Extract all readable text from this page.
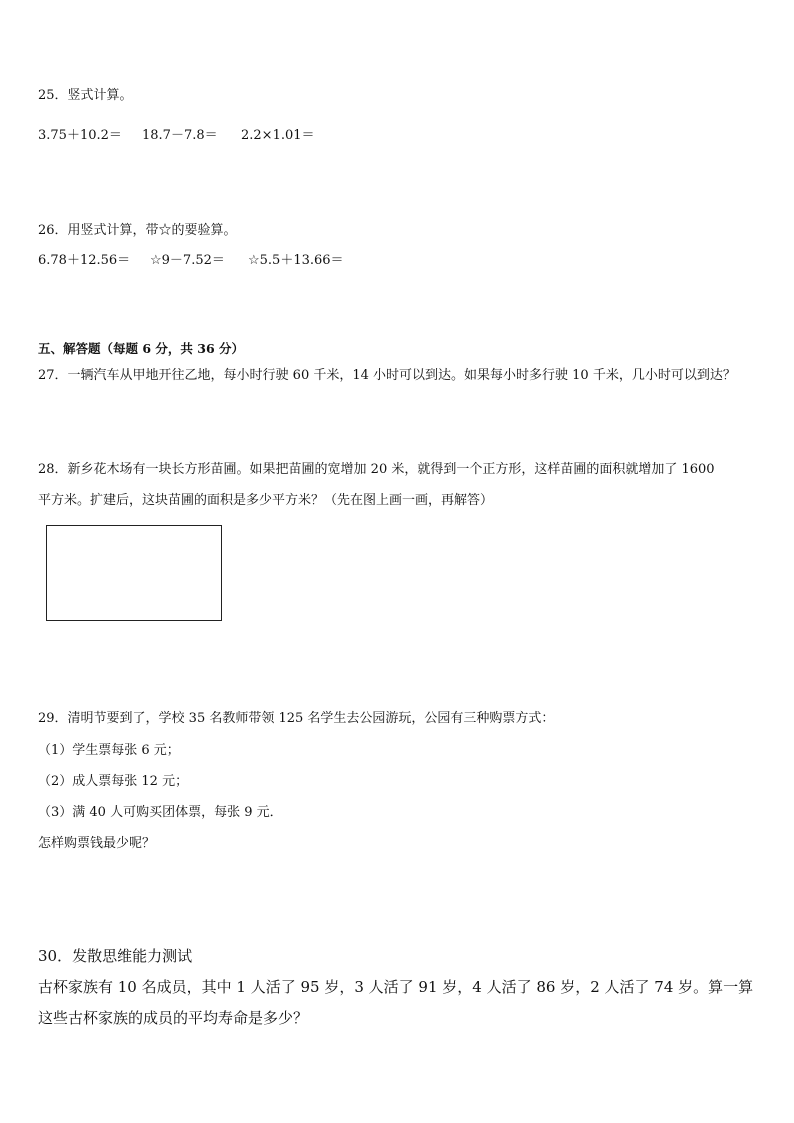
25．竖式计算。
3.75＋10.2＝	18.7－7.8＝ 2.2×1.01＝
26．用竖式计算，带☆的要验算。
6.78＋12.56＝ ☆9－7.52＝ ☆5.5＋13.66＝
五、解答题（每题 6 分，共 36 分）
27．一辆汽车从甲地开往乙地，每小时行驶 60 千米，14 小时可以到达。如果每小时多行驶 10 千米，几小时可以到达？
28．新乡花木场有一块长方形苗圃。如果把苗圃的宽增加 20 米，就得到一个正方形，这样苗圃的面积就增加了 1600
平方米。扩建后，这块苗圃的面积是多少平方米？（先在图上画一画，再解答）
29．清明节要到了，学校 35 名教师带领 125 名学生去公园游玩，公园有三种购票方式：
（1）学生票每张 6 元；
（2）成人票每张 12 元；
（3）满 40 人可购买团体票，每张 9 元．
怎样购票钱最少呢？
30．发散思维能力测试
古杯家族有 10 名成员，其中 1 人活了 95 岁，3 人活了 91 岁，4 人活了 86 岁，2 人活了 74 岁。算一算
这些古杯家族的成员的平均寿命是多少？
